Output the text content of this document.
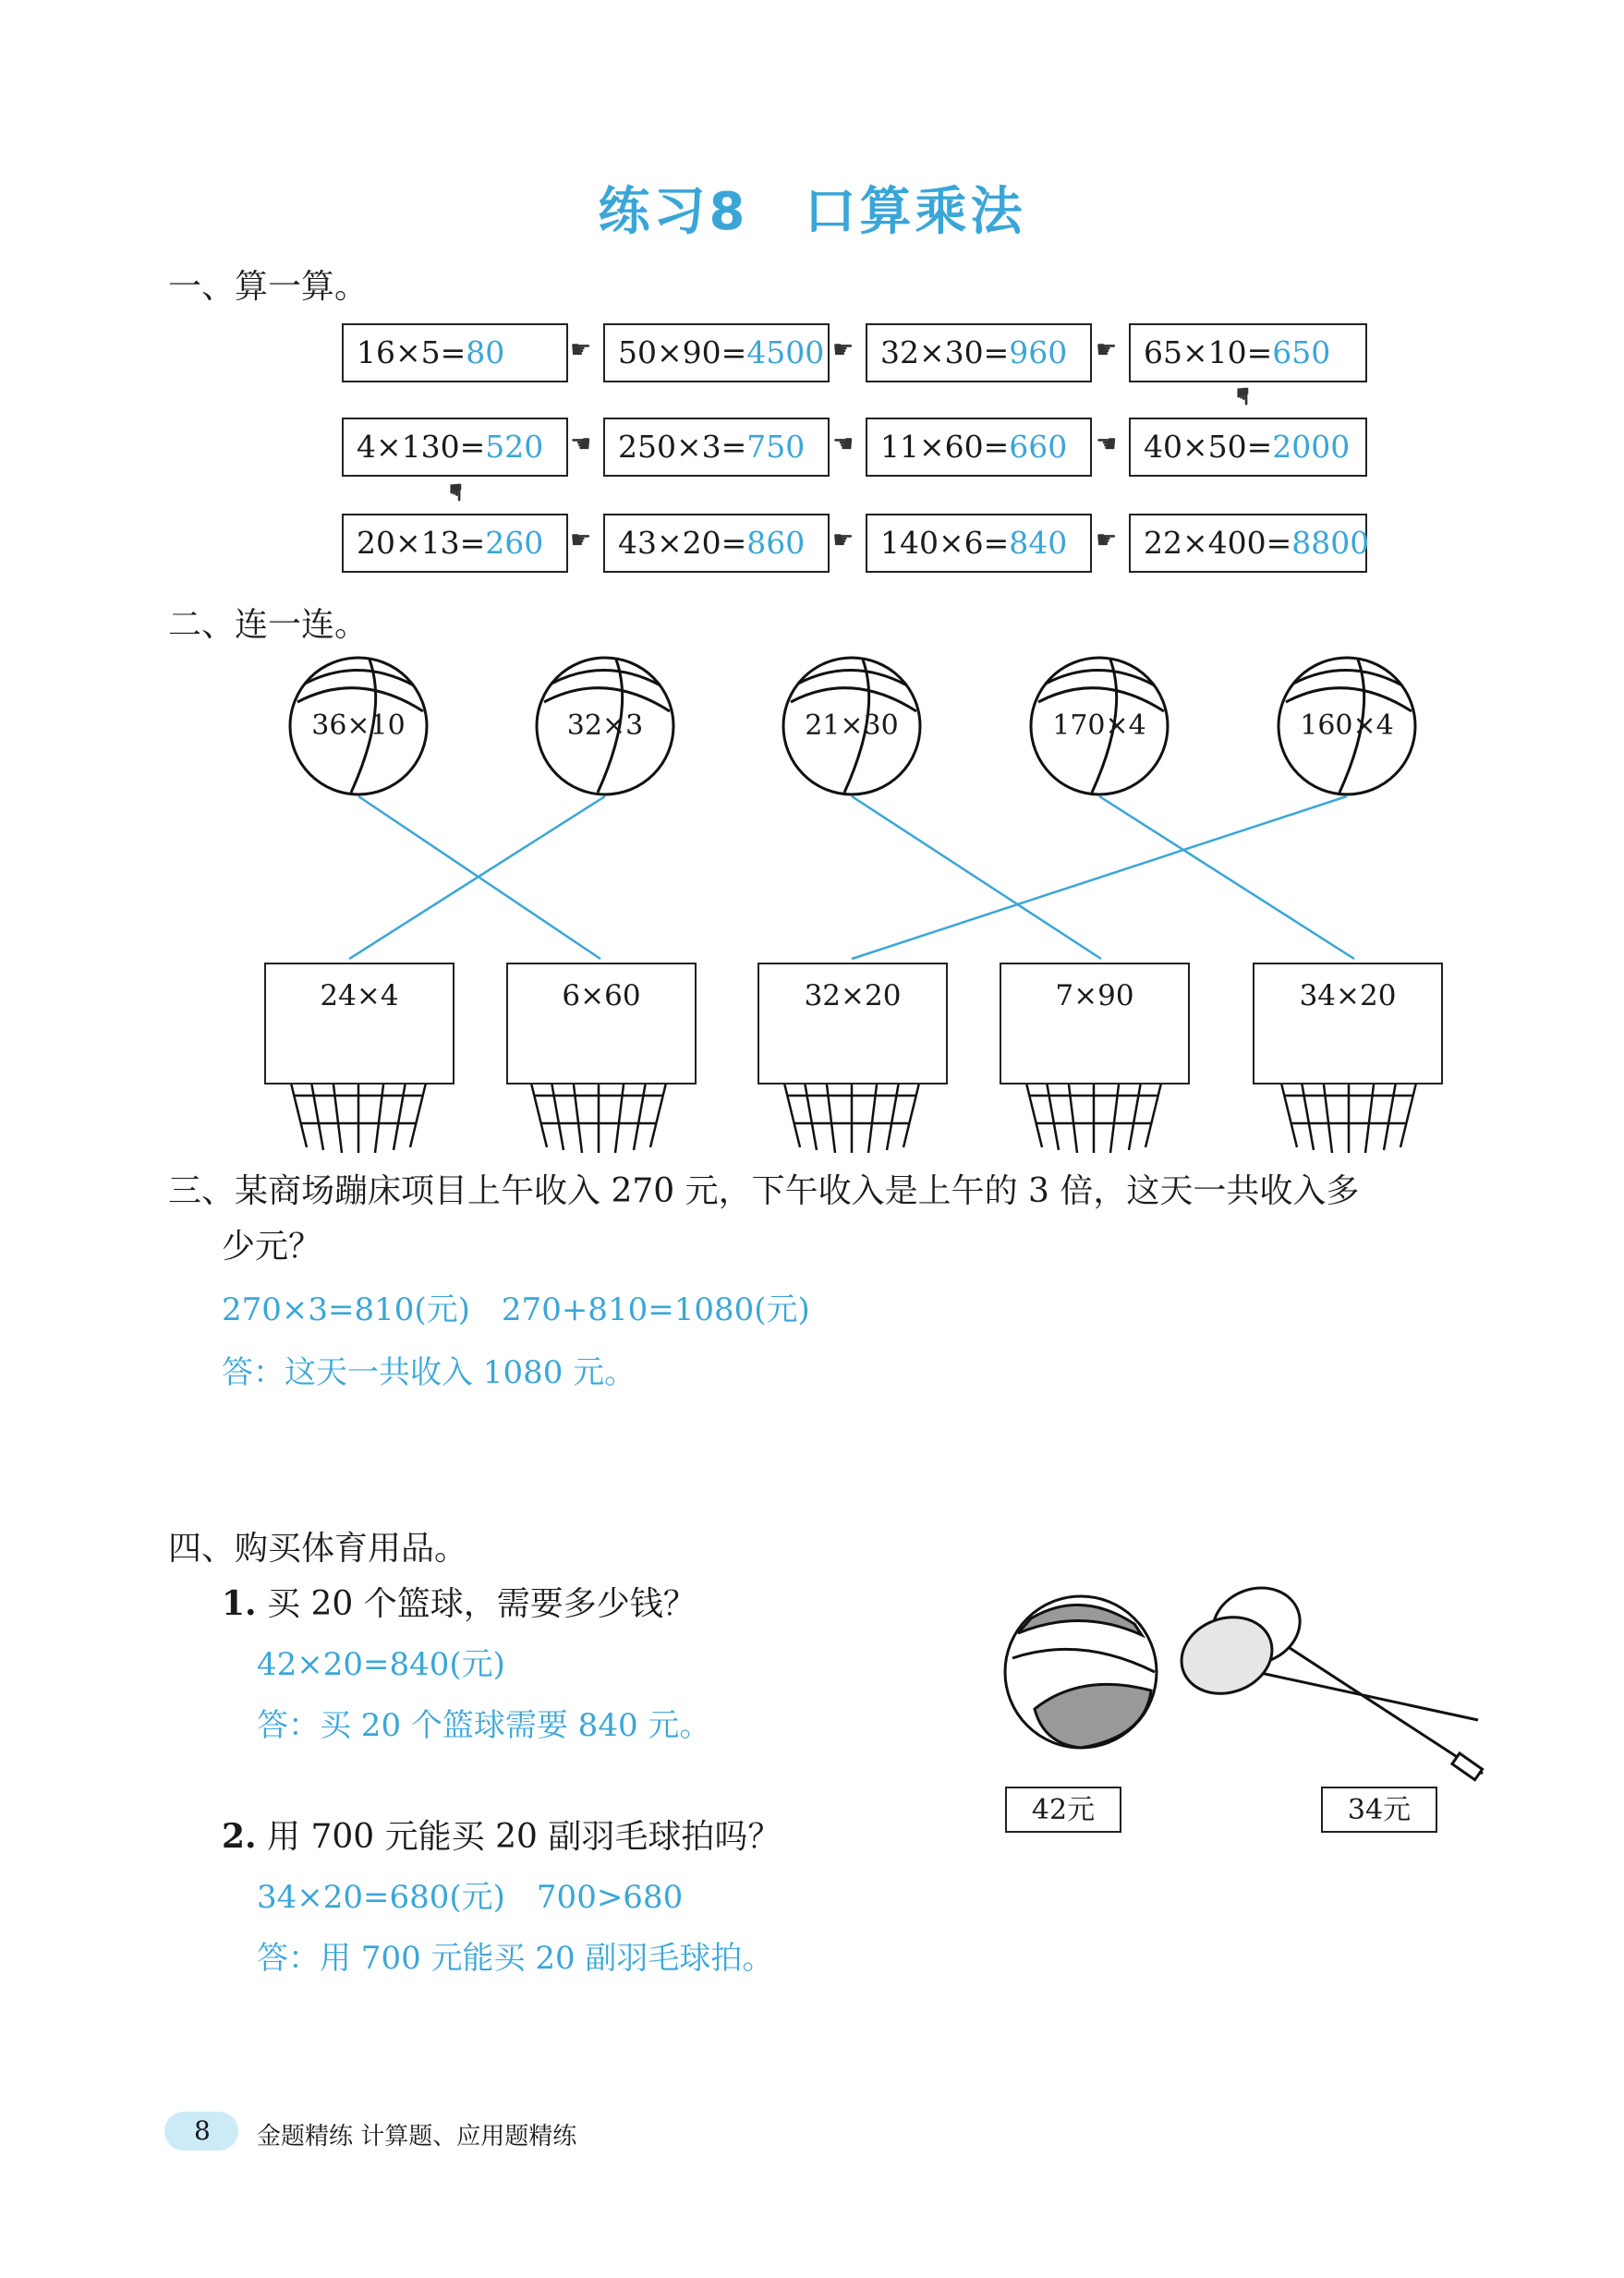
练习8　口算乘法
一、算一算。
16×5=80	50×90=4500	32×30=960	65×10=650
4×130=520	250×3=750	11×60=660	40×50=2000
20×13=260	43×20=860	140×6=840	22×400=8800
☛	☛	☛
☛
☛
☛
☛
☛
☛	☛	☛
二、连一连。
36×10	32×3	21×30	170×4	160×4
24×4	6×60	32×20	7×90	34×20
三、某商场蹦床项目上午收入 270 元，下午收入是上午的 3 倍，这天一共收入多
少元？
270×3=810(元)　270+810=1080(元)
答：这天一共收入 1080 元。
四、购买体育用品。
1. 买 20 个篮球，需要多少钱？
42×20=840(元)
答：买 20 个篮球需要 840 元。
2. 用 700 元能买 20 副羽毛球拍吗？
34×20=680(元)　700>680
答：用 700 元能买 20 副羽毛球拍。
42元	34元
8	金题精练 计算题、应用题精练
